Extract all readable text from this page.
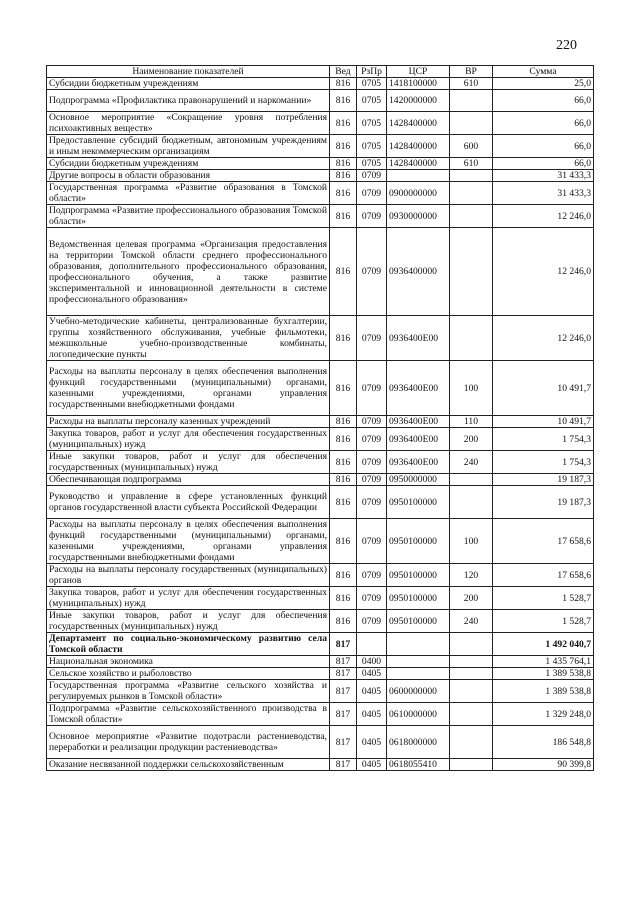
220
Наименование показателей	Вед	РзПр	ЦСР	ВР	Сумма
Субсидии бюджетным учреждениям	816	0705	1418100000	610	25,0
Подпрограмма «Профилактика правонарушений и наркомании»	816	0705	1420000000		66,0
Основное мероприятие «Сокращение уровня потребления психоактивных веществ»	816	0705	1428400000		66,0
Предоставление субсидий бюджетным, автономным учреждениям и иным некоммерческим организациям	816	0705	1428400000	600	66,0
Субсидии бюджетным учреждениям	816	0705	1428400000	610	66,0
Другие вопросы в области образования	816	0709			31 433,3
Государственная программа «Развитие образования в Томской области»	816	0709	0900000000		31 433,3
Подпрограмма «Развитие профессионального образования Томской области»	816	0709	0930000000		12 246,0
Ведомственная целевая программа «Организация предоставления на территории Томской области среднего профессионального образования, дополнительного профессионального образования, профессионального обучения, а также развитие экспериментальной и инновационной деятельности в системе профессионального образования»	816	0709	0936400000		12 246,0
Учебно-методические кабинеты, централизованные бухгалтерии, группы хозяйственного обслуживания, учебные фильмотеки, межшкольные учебно-производственные комбинаты, логопедические пункты	816	0709	0936400Е00		12 246,0
Расходы на выплаты персоналу в целях обеспечения выполнения функций государственными (муниципальными) органами, казенными учреждениями, органами управления государственными внебюджетными фондами	816	0709	0936400Е00	100	10 491,7
Расходы на выплаты персоналу казенных учреждений	816	0709	0936400Е00	110	10 491,7
Закупка товаров, работ и услуг для обеспечения государственных (муниципальных) нужд	816	0709	0936400Е00	200	1 754,3
Иные закупки товаров, работ и услуг для обеспечения государственных (муниципальных) нужд	816	0709	0936400Е00	240	1 754,3
Обеспечивающая подпрограмма	816	0709	0950000000		19 187,3
Руководство и управление в сфере установленных функций органов государственной власти субъекта Российской Федерации	816	0709	0950100000		19 187,3
Расходы на выплаты персоналу в целях обеспечения выполнения функций государственными (муниципальными) органами, казенными учреждениями, органами управления государственными внебюджетными фондами	816	0709	0950100000	100	17 658,6
Расходы на выплаты персоналу государственных (муниципальных) органов	816	0709	0950100000	120	17 658,6
Закупка товаров, работ и услуг для обеспечения государственных (муниципальных) нужд	816	0709	0950100000	200	1 528,7
Иные закупки товаров, работ и услуг для обеспечения государственных (муниципальных) нужд	816	0709	0950100000	240	1 528,7
Департамент по социально-экономическому развитию села Томской области	817				1 492 040,7
Национальная экономика	817	0400			1 435 764,1
Сельское хозяйство и рыболовство	817	0405			1 389 538,8
Государственная программа «Развитие сельского хозяйства и регулируемых рынков в Томской области»	817	0405	0600000000		1 389 538,8
Подпрограмма «Развитие сельскохозяйственного производства в Томской области»	817	0405	0610000000		1 329 248,0
Основное мероприятие «Развитие подотрасли растениеводства, переработки и реализации продукции растениеводства»	817	0405	0618000000		186 548,8
Оказание несвязанной поддержки сельскохозяйственным	817	0405	0618055410		90 399,8
